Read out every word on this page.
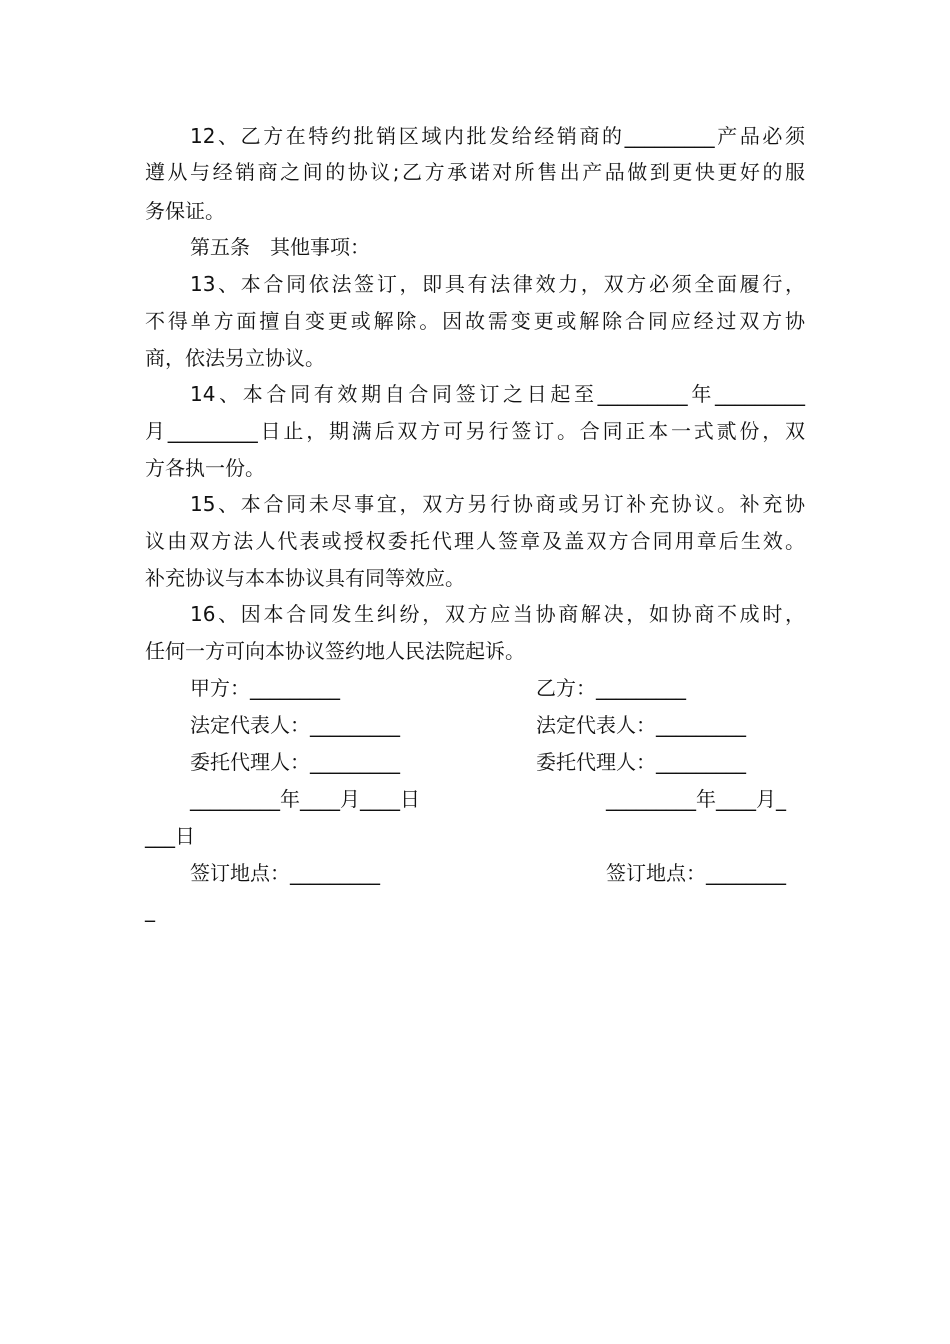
12、乙方在特约批销区域内批发给经销商的_________产品必须
遵从与经销商之间的协议;乙方承诺对所售出产品做到更快更好的服
务保证。
第五条　其他事项：
13、本合同依法签订，即具有法律效力，双方必须全面履行，
不得单方面擅自变更或解除。因故需变更或解除合同应经过双方协
商，依法另立协议。
14、本合同有效期自合同签订之日起至_________年_________
月_________日止，期满后双方可另行签订。合同正本一式贰份，双
方各执一份。
15、本合同未尽事宜，双方另行协商或另订补充协议。补充协
议由双方法人代表或授权委托代理人签章及盖双方合同用章后生效。
补充协议与本本协议具有同等效应。
16、因本合同发生纠纷，双方应当协商解决，如协商不成时，
任何一方可向本协议签约地人民法院起诉。
甲方：_________	乙方：_________
法定代表人：_________	法定代表人：_________
委托代理人：_________	委托代理人：_________
_________年____月____日	_________年____月_
___日
签订地点：_________	签订地点：________
_
